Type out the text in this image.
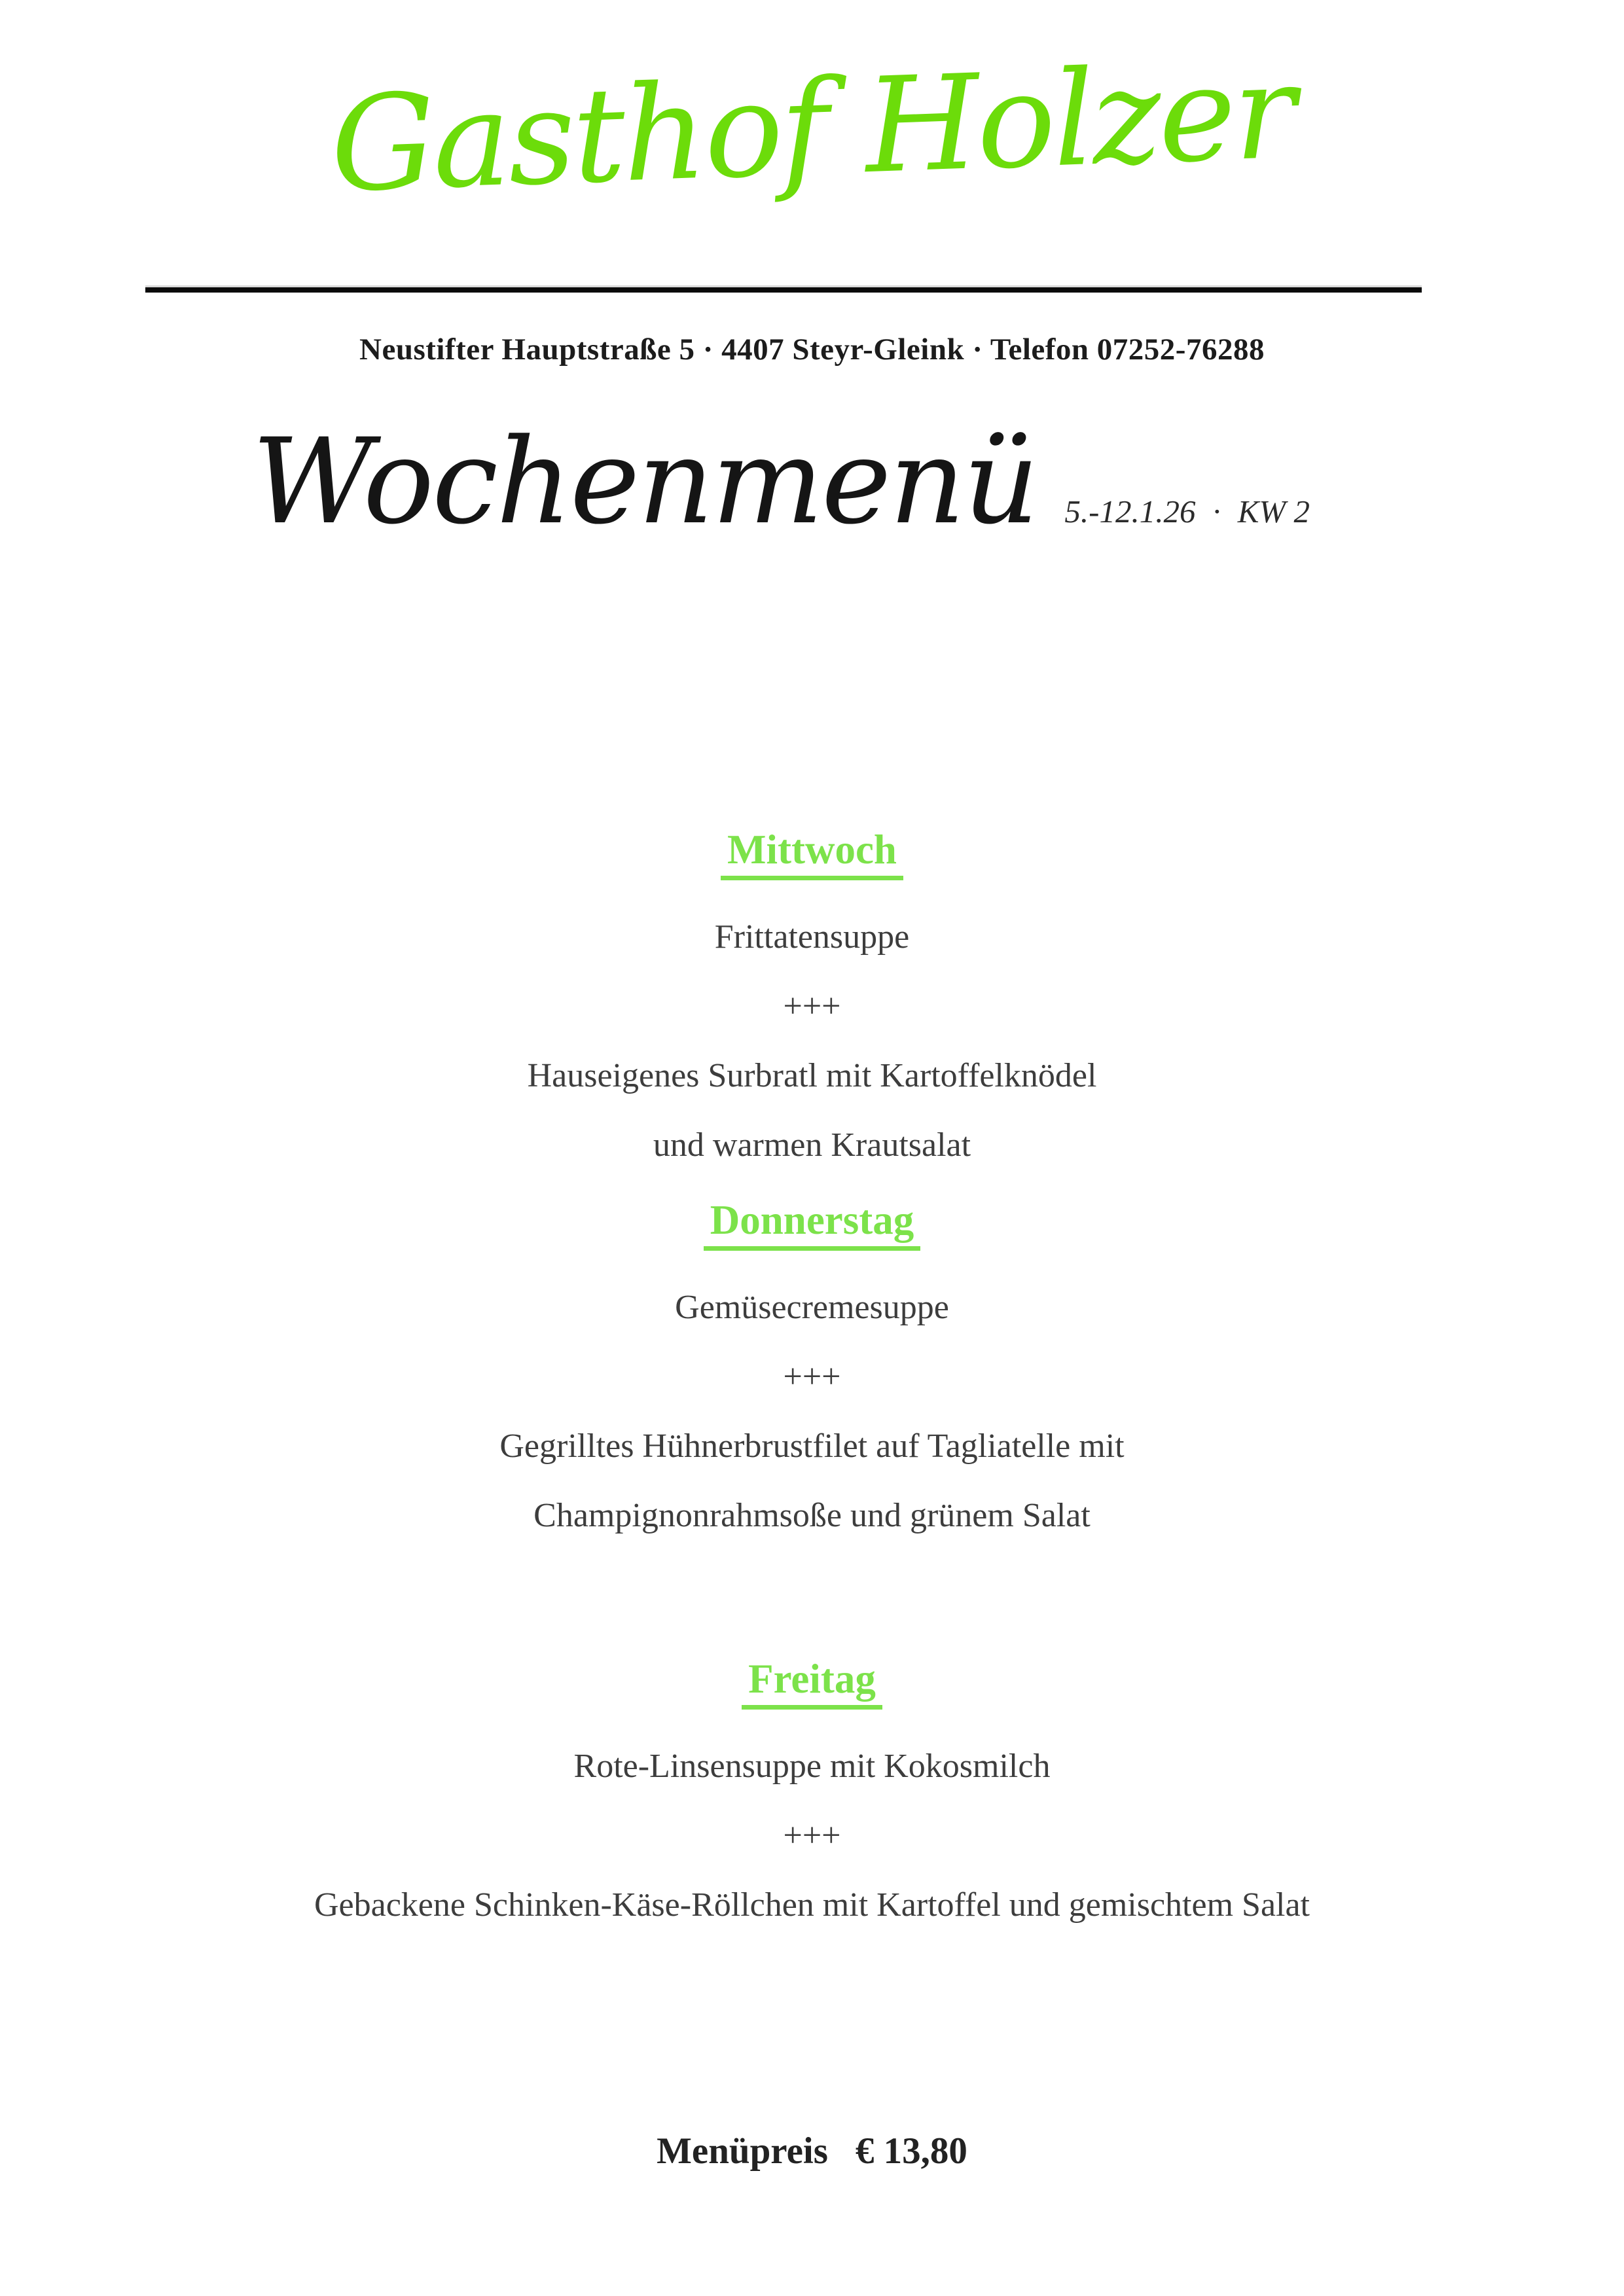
Gasthof Holzer
Neustifter Hauptstraße 5 · 4407 Steyr-Gleink · Telefon 07252-76288
Wochenmenü 5.-12.1.26 · KW 2
Mittwoch

Frittatensuppe

+++

Hauseigenes Surbratl mit Kartoffelknödel

und warmen Krautsalat

Donnerstag

Gemüsecremesuppe

+++

Gegrilltes Hühnerbrustfilet auf Tagliatelle mit

Champignonrahmsoße und grünem Salat

Freitag

Rote-Linsensuppe mit Kokosmilch

+++

Gebackene Schinken-Käse-Röllchen mit Kartoffel und gemischtem Salat

Menüpreis € 13,80
